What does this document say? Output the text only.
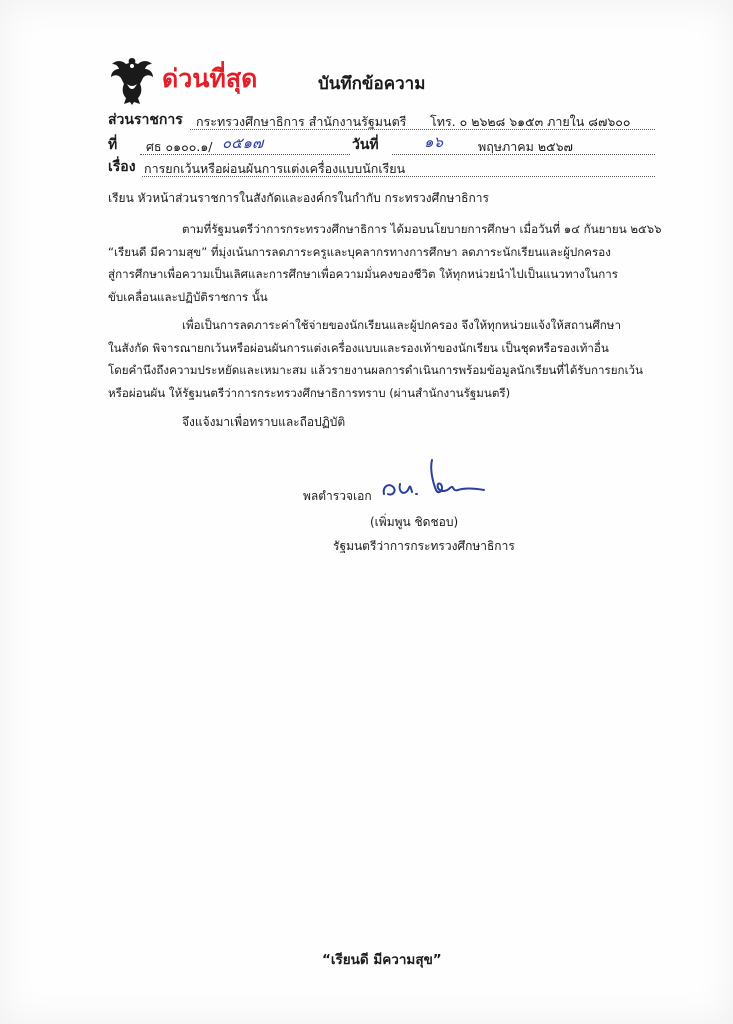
ด่วนที่สุด	บันทึกข้อความ
ส่วนราชการ กระทรวงศึกษาธิการ สำนักงานรัฐมนตรี โทร. ๐ ๒๖๒๘ ๖๑๕๓ ภายใน ๘๗๖๐๐
ที่ ศธ ๐๑๐๐.๑/ ๐๕๑๗	วันที่	๑๖	พฤษภาคม ๒๕๖๗
เรื่อง การยกเว้นหรือผ่อนผันการแต่งเครื่องแบบนักเรียน
เรียน หัวหน้าส่วนราชการในสังกัดและองค์กรในกำกับ กระทรวงศึกษาธิการ
ตามที่รัฐมนตรีว่าการกระทรวงศึกษาธิการ ได้มอบนโยบายการศึกษา เมื่อวันที่ ๑๔ กันยายน ๒๕๖๖
“เรียนดี มีความสุข” ที่มุ่งเน้นการลดภาระครูและบุคลากรทางการศึกษา ลดภาระนักเรียนและผู้ปกครอง
สู่การศึกษาเพื่อความเป็นเลิศและการศึกษาเพื่อความมั่นคงของชีวิต ให้ทุกหน่วยนำไปเป็นแนวทางในการ
ขับเคลื่อนและปฏิบัติราชการ นั้น
เพื่อเป็นการลดภาระค่าใช้จ่ายของนักเรียนและผู้ปกครอง จึงให้ทุกหน่วยแจ้งให้สถานศึกษา
ในสังกัด พิจารณายกเว้นหรือผ่อนผันการแต่งเครื่องแบบและรองเท้าของนักเรียน เป็นชุดหรือรองเท้าอื่น
โดยคำนึงถึงความประหยัดและเหมาะสม แล้วรายงานผลการดำเนินการพร้อมข้อมูลนักเรียนที่ได้รับการยกเว้น
หรือผ่อนผัน ให้รัฐมนตรีว่าการกระทรวงศึกษาธิการทราบ (ผ่านสำนักงานรัฐมนตรี)
จึงแจ้งมาเพื่อทราบและถือปฏิบัติ
พลตำรวจเอก
(เพิ่มพูน ชิดชอบ)
รัฐมนตรีว่าการกระทรวงศึกษาธิการ
“เรียนดี มีความสุข”
